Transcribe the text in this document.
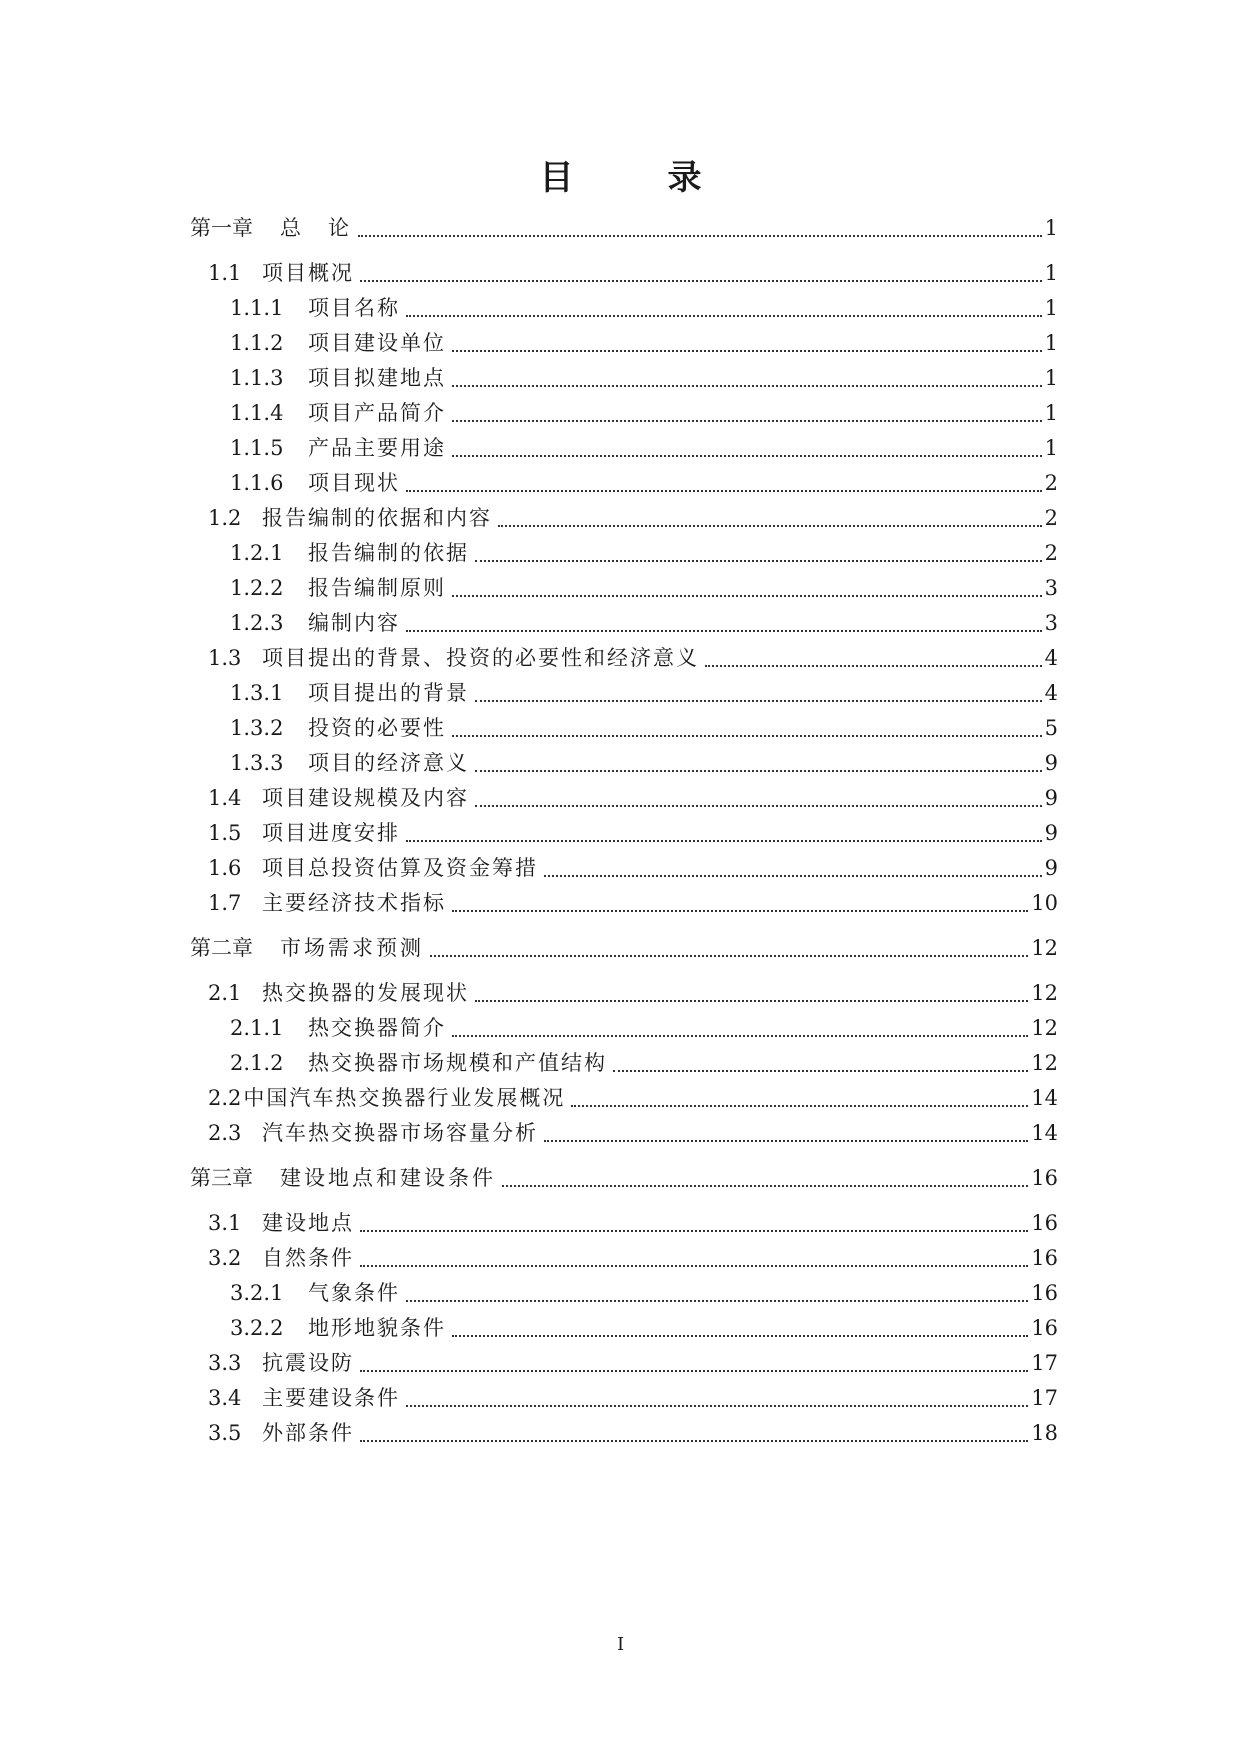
目　录
第一章	总　论	1
1.1 项目概况	1
1.1.1	项目名称	1
1.1.2	项目建设单位	1
1.1.3	项目拟建地点	1
1.1.4	项目产品简介	1
1.1.5	产品主要用途	1
1.1.6	项目现状	2
1.2 报告编制的依据和内容	2
1.2.1	报告编制的依据	2
1.2.2	报告编制原则	3
1.2.3	编制内容	3
1.3 项目提出的背景、投资的必要性和经济意义	4
1.3.1	项目提出的背景	4
1.3.2	投资的必要性	5
1.3.3	项目的经济意义	9
1.4 项目建设规模及内容	9
1.5 项目进度安排	9
1.6 项目总投资估算及资金筹措	9
1.7 主要经济技术指标	10
第二章	市场需求预测	12
2.1 热交换器的发展现状	12
2.1.1	热交换器简介	12
2.1.2	热交换器市场规模和产值结构	12
2.2 中国汽车热交换器行业发展概况	14
2.3 汽车热交换器市场容量分析	14
第三章	建设地点和建设条件	16
3.1 建设地点	16
3.2 自然条件	16
3.2.1	气象条件	16
3.2.2	地形地貌条件	16
3.3 抗震设防	17
3.4 主要建设条件	17
3.5 外部条件	18
I
